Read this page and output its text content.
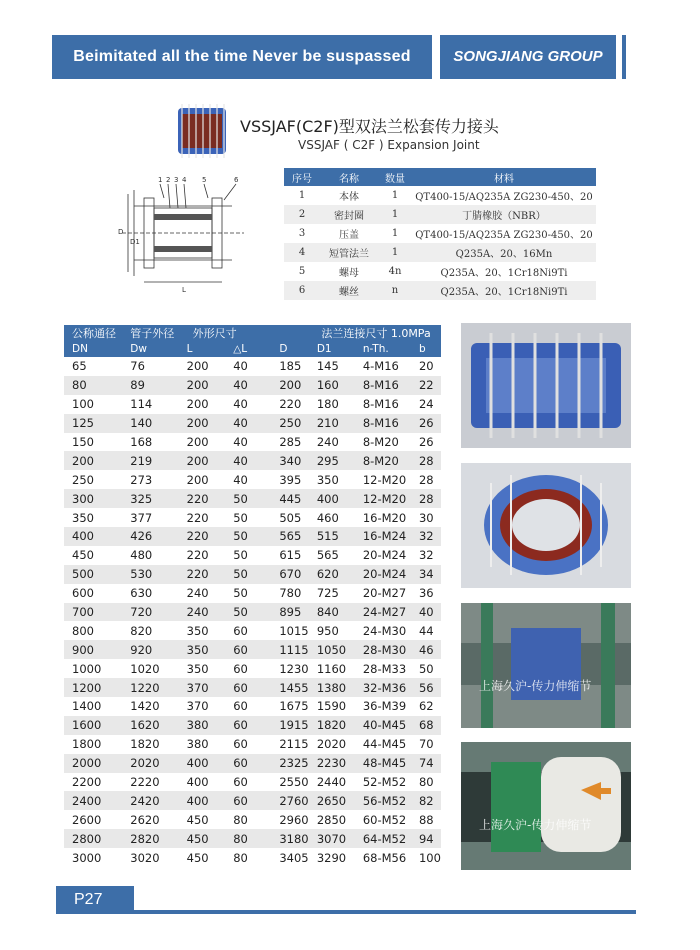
Beimitated all the time Never be suspassed	SONGJIANG GROUP
VSSJAF(C2F)型双法兰松套传力接头
VSSJAF ( C2F ) Expansion Joint
1 2 3 4 5	6
D
D1
L
序号	名称	数量	材料
1	本体	1	QT400-15/AQ235A ZG230-450、20
2	密封圈	1	丁腈橡胶（NBR）
3	压盖	1	QT400-15/AQ235A ZG230-450、20
4	短管法兰	1	Q235A、20、16Mn
5	螺母	4n	Q235A、20、1Cr18Ni9Ti
6	螺丝	n	Q235A、20、1Cr18Ni9Ti
公称通径	管子外径	外形尺寸		法兰连接尺寸 1.0MPa			
DN	Dw	L	△L	D	D1	n-Th.	b
65	76	200	40	185	145	4-M16	20
80	89	200	40	200	160	8-M16	22
100	114	200	40	220	180	8-M16	24
125	140	200	40	250	210	8-M16	26
150	168	200	40	285	240	8-M20	26
200	219	200	40	340	295	8-M20	28
250	273	200	40	395	350	12-M20	28
300	325	220	50	445	400	12-M20	28
350	377	220	50	505	460	16-M20	30
400	426	220	50	565	515	16-M24	32
450	480	220	50	615	565	20-M24	32
500	530	220	50	670	620	20-M24	34
600	630	240	50	780	725	20-M27	36
700	720	240	50	895	840	24-M27	40
800	820	350	60	1015	950	24-M30	44
900	920	350	60	1115	1050	28-M30	46
1000	1020	350	60	1230	1160	28-M33	50
1200	1220	370	60	1455	1380	32-M36	56
1400	1420	370	60	1675	1590	36-M39	62
1600	1620	380	60	1915	1820	40-M45	68
1800	1820	380	60	2115	2020	44-M45	70
2000	2020	400	60	2325	2230	48-M45	74
2200	2220	400	60	2550	2440	52-M52	80
2400	2420	400	60	2760	2650	56-M52	82
2600	2620	450	80	2960	2850	60-M52	88
2800	2820	450	80	3180	3070	64-M52	94
3000	3020	450	80	3405	3290	68-M56	100
上海久沪-传力伸缩节
上海久沪-传力伸缩节
P27
